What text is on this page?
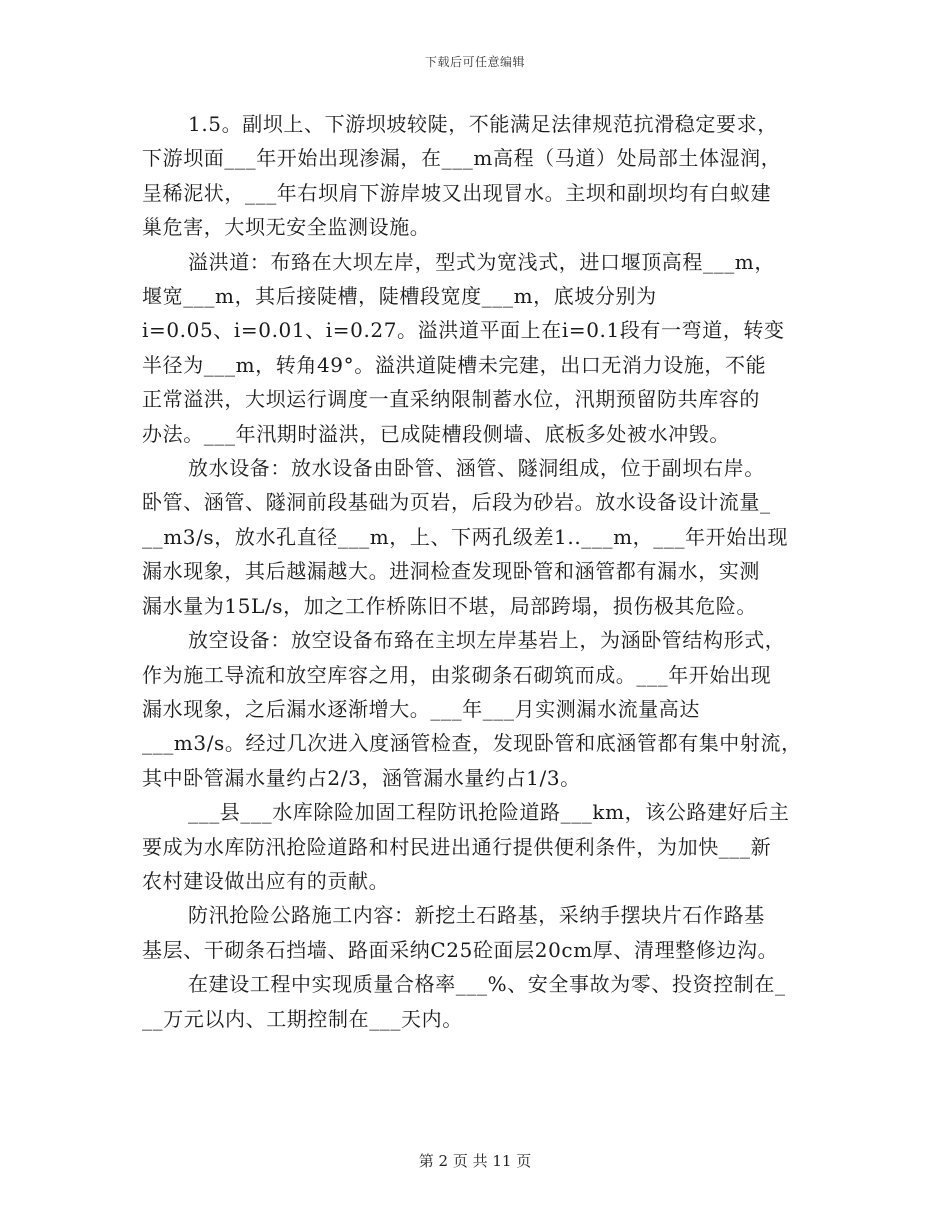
下载后可任意编辑
1.5。副坝上、下游坝坡较陡，不能满足法律规范抗滑稳定要求，
下游坝面___年开始出现渗漏，在___m高程（马道）处局部土体湿润，
呈稀泥状，___年右坝肩下游岸坡又出现冒水。主坝和副坝均有白蚁建
巢危害，大坝无安全监测设施。
溢洪道：布臵在大坝左岸，型式为宽浅式，进口堰顶高程___m，
堰宽___m，其后接陡槽，陡槽段宽度___m，底坡分别为
i=0.05、i=0.01、i=0.27。溢洪道平面上在i=0.1段有一弯道，转变
半径为___m，转角49°。溢洪道陡槽未完建，出口无消力设施，不能
正常溢洪，大坝运行调度一直采纳限制蓄水位，汛期预留防共库容的
办法。___年汛期时溢洪，已成陡槽段侧墙、底板多处被水冲毁。
放水设备：放水设备由卧管、涵管、隧洞组成，位于副坝右岸。
卧管、涵管、隧洞前段基础为页岩，后段为砂岩。放水设备设计流量_
__m3/s，放水孔直径___m，上、下两孔级差1..___m，___年开始出现
漏水现象，其后越漏越大。进洞检查发现卧管和涵管都有漏水，实测
漏水量为15L/s，加之工作桥陈旧不堪，局部跨塌，损伤极其危险。
放空设备：放空设备布臵在主坝左岸基岩上，为涵卧管结构形式，
作为施工导流和放空库容之用，由浆砌条石砌筑而成。___年开始出现
漏水现象，之后漏水逐渐增大。___年___月实测漏水流量高达
___m3/s。经过几次进入度涵管检查，发现卧管和底涵管都有集中射流，
其中卧管漏水量约占2/3，涵管漏水量约占1/3。
___县___水库除险加固工程防讯抢险道路___km，该公路建好后主
要成为水库防汛抢险道路和村民进出通行提供便利条件，为加快___新
农村建设做出应有的贡献。
防汛抢险公路施工内容：新挖土石路基，采纳手摆块片石作路基
基层、干砌条石挡墙、路面采纳C25砼面层20cm厚、清理整修边沟。
在建设工程中实现质量合格率___%、安全事故为零、投资控制在_
__万元以内、工期控制在___天内。
第 2 页 共 11 页
